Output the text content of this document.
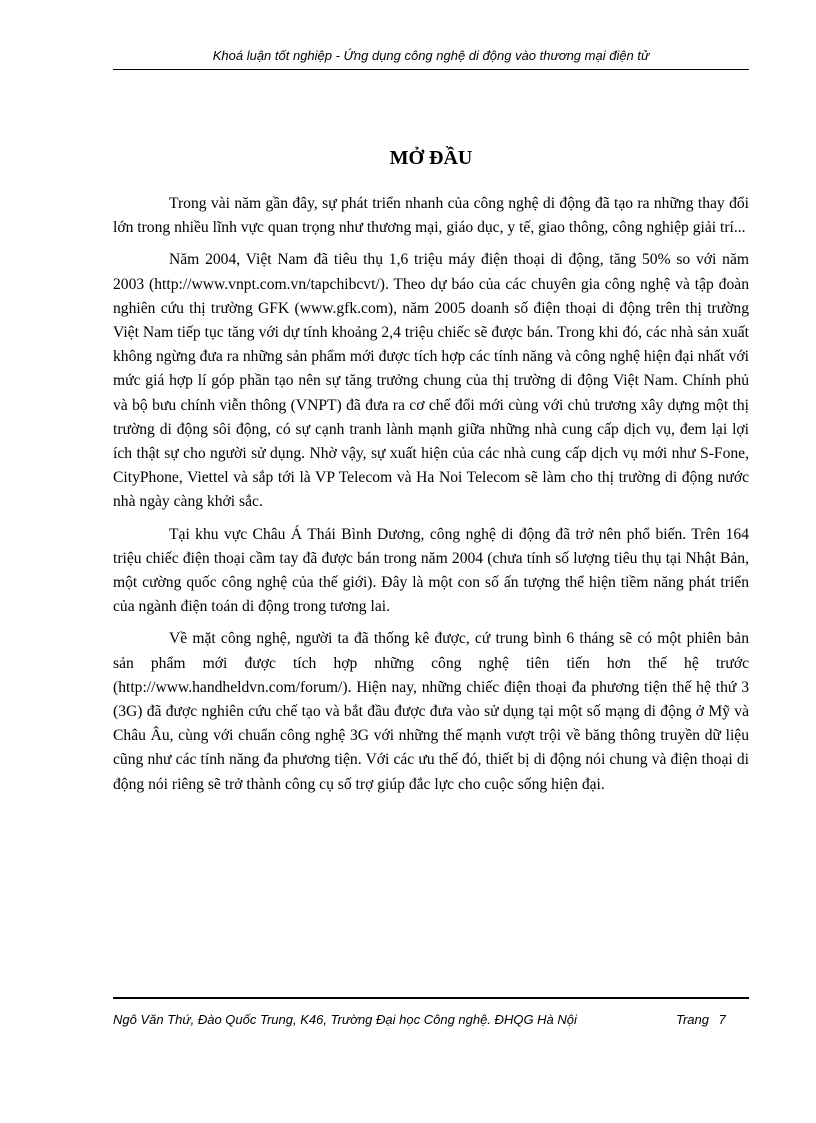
Khoá luận tốt nghiệp - Ứng dụng công nghệ di động vào thương mại điện tử
MỞ ĐẦU

Trong vài năm gần đây, sự phát triển nhanh của công nghệ di động đã tạo ra những thay đổi lớn trong nhiều lĩnh vực quan trọng như thương mại, giáo dục, y tế, giao thông, công nghiệp giải trí...

Năm 2004, Việt Nam đã tiêu thụ 1,6 triệu máy điện thoại di động, tăng 50% so với năm 2003 (http://www.vnpt.com.vn/tapchibcvt/). Theo dự báo của các chuyên gia công nghệ và tập đoàn nghiên cứu thị trường GFK (www.gfk.com), năm 2005 doanh số điện thoại di động trên thị trường Việt Nam tiếp tục tăng với dự tính khoảng 2,4 triệu chiếc sẽ được bán. Trong khi đó, các nhà sản xuất không ngừng đưa ra những sản phẩm mới được tích hợp các tính năng và công nghệ hiện đại nhất với mức giá hợp lí góp phần tạo nên sự tăng trưởng chung của thị trường di động Việt Nam. Chính phủ và bộ bưu chính viễn thông (VNPT) đã đưa ra cơ chế đổi mới cùng với chủ trương xây dựng một thị trường di động sôi động, có sự cạnh tranh lành mạnh giữa những nhà cung cấp dịch vụ, đem lại lợi ích thật sự cho người sử dụng. Nhờ vậy, sự xuất hiện của các nhà cung cấp dịch vụ mới như S-Fone, CityPhone, Viettel và sắp tới là VP Telecom và Ha Noi Telecom sẽ làm cho thị trường di động nước nhà ngày càng khởi sắc.

Tại khu vực Châu Á Thái Bình Dương, công nghệ di động đã trở nên phổ biến. Trên 164 triệu chiếc điện thoại cầm tay đã được bán trong năm 2004 (chưa tính số lượng tiêu thụ tại Nhật Bản, một cường quốc công nghệ của thế giới). Đây là một con số ấn tượng thể hiện tiềm năng phát triển của ngành điện toán di động trong tương lai.

Về mặt công nghệ, người ta đã thống kê được, cứ trung bình 6 tháng sẽ có một phiên bản sản phẩm mới được tích hợp những công nghệ tiên tiến hơn thế hệ trước (http://www.handheldvn.com/forum/). Hiện nay, những chiếc điện thoại đa phương tiện thế hệ thứ 3 (3G) đã được nghiên cứu chế tạo và bắt đầu được đưa vào sử dụng tại một số mạng di động ở Mỹ và Châu Âu, cùng với chuẩn công nghệ 3G với những thế mạnh vượt trội về băng thông truyền dữ liệu cũng như các tính năng đa phương tiện. Với các ưu thế đó, thiết bị di động nói chung và điện thoại di động nói riêng sẽ trở thành công cụ số trợ giúp đắc lực cho cuộc sống hiện đại.

Ngô Văn Thứ, Đào Quốc Trung, K46, Trường Đại học Công nghệ. ĐHQG Hà Nội	Trang 7
